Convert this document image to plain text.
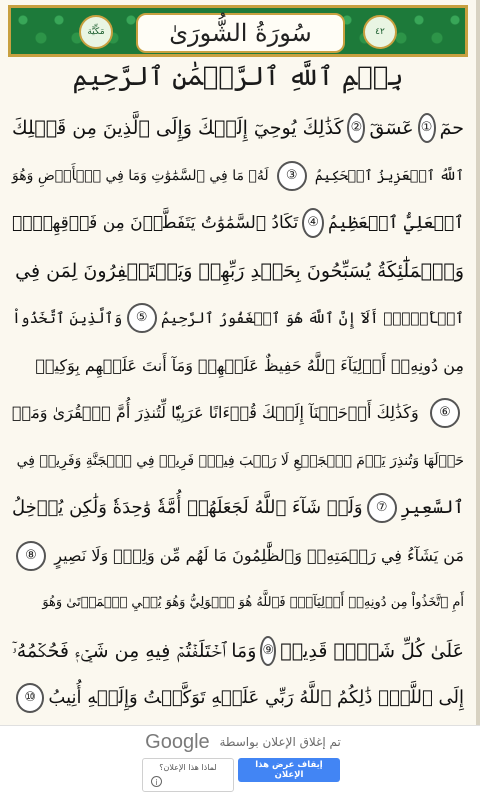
مَكِّيَّة	سُورَةُ الشُّورَىٰ	٤٢
بِسۡمِ ٱللَّهِ ٱلرَّحۡمَٰنِ ٱلرَّحِيمِ
حمٓ
①
عٓسٓقٓ
②
كَذَٰلِكَ يُوحِيٓ إِلَيۡكَ وَإِلَى ٱلَّذِينَ مِن قَبۡلِكَ
ٱللَّهُ ٱلۡعَزِيزُ ٱلۡحَكِيمُ
③
لَهُۥ مَا فِي ٱلسَّمَٰوَٰتِ وَمَا فِي ٱلۡأَرۡضِ وَهُوَ
ٱلۡعَلِيُّ ٱلۡعَظِيمُ
④
تَكَادُ ٱلسَّمَٰوَٰتُ يَتَفَطَّرۡنَ مِن فَوۡقِهِنَّۚ
وَٱلۡمَلَٰٓئِكَةُ يُسَبِّحُونَ بِحَمۡدِ رَبِّهِمۡ وَيَسۡتَغۡفِرُونَ لِمَن فِي
ٱلۡأَرۡضِۗ أَلَآ إِنَّ ٱللَّهَ هُوَ ٱلۡغَفُورُ ٱلرَّحِيمُ
⑤
وَٱلَّذِينَ ٱتَّخَذُواْ
مِن دُونِهِۦٓ أَوۡلِيَآءَ ٱللَّهُ حَفِيظٌ عَلَيۡهِمۡ وَمَآ أَنتَ عَلَيۡهِم بِوَكِيلٖ
⑥
وَكَذَٰلِكَ أَوۡحَيۡنَآ إِلَيۡكَ قُرۡءَانًا عَرَبِيّٗا لِّتُنذِرَ أُمَّ ٱلۡقُرَىٰ وَمَنۡ
حَوۡلَهَا وَتُنذِرَ يَوۡمَ ٱلۡجَمۡعِ لَا رَيۡبَ فِيهِۚ فَرِيقٞ فِي ٱلۡجَنَّةِ وَفَرِيقٞ فِي
ٱلسَّعِيرِ
⑦
وَلَوۡ شَآءَ ٱللَّهُ لَجَعَلَهُمۡ أُمَّةٗ وَٰحِدَةٗ وَلَٰكِن يُدۡخِلُ
مَن يَشَآءُ فِي رَحۡمَتِهِۦۚ وَٱلظَّٰلِمُونَ مَا لَهُم مِّن وَلِيّٖ وَلَا نَصِيرٍ
⑧
أَمِ ٱتَّخَذُواْ مِن دُونِهِۦٓ أَوۡلِيَآءَۖ فَٱللَّهُ هُوَ ٱلۡوَلِيُّ وَهُوَ يُحۡيِ ٱلۡمَوۡتَىٰ وَهُوَ
عَلَىٰ كُلِّ شَيۡءٖ قَدِيرٞ
⑨
وَمَا ٱخۡتَلَفۡتُمۡ فِيهِ مِن شَيۡءٖ فَحُكۡمُهُۥٓ
إِلَى ٱللَّهِۚ ذَٰلِكُمُ ٱللَّهُ رَبِّي عَلَيۡهِ تَوَكَّلۡتُ وَإِلَيۡهِ أُنِيبُ
⑩
تم إغلاق الإعلان بواسطة Google
إيقاف عرض هذا الإعلان
لماذا هذا الإعلان؟
i
